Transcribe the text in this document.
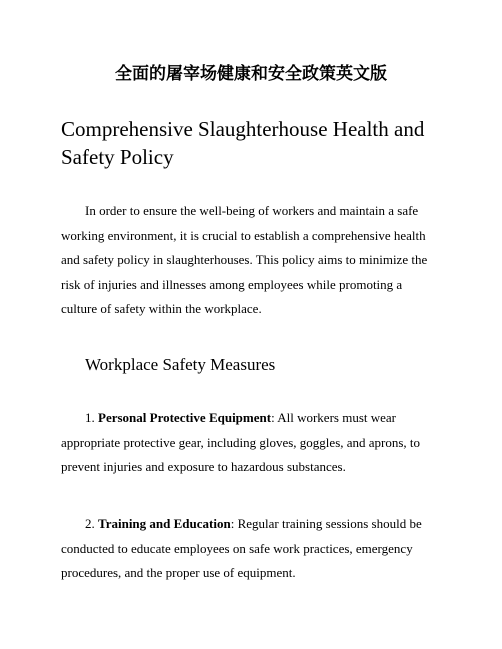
全面的屠宰场健康和安全政策英文版
Comprehensive Slaughterhouse Health and Safety Policy

In order to ensure the well-being of workers and maintain a safe working environment, it is crucial to establish a comprehensive health and safety policy in slaughterhouses. This policy aims to minimize the risk of injuries and illnesses among employees while promoting a culture of safety within the workplace.

Workplace Safety Measures

1. Personal Protective Equipment: All workers must wear appropriate protective gear, including gloves, goggles, and aprons, to prevent injuries and exposure to hazardous substances.

2. Training and Education: Regular training sessions should be conducted to educate employees on safe work practices, emergency procedures, and the proper use of equipment.
